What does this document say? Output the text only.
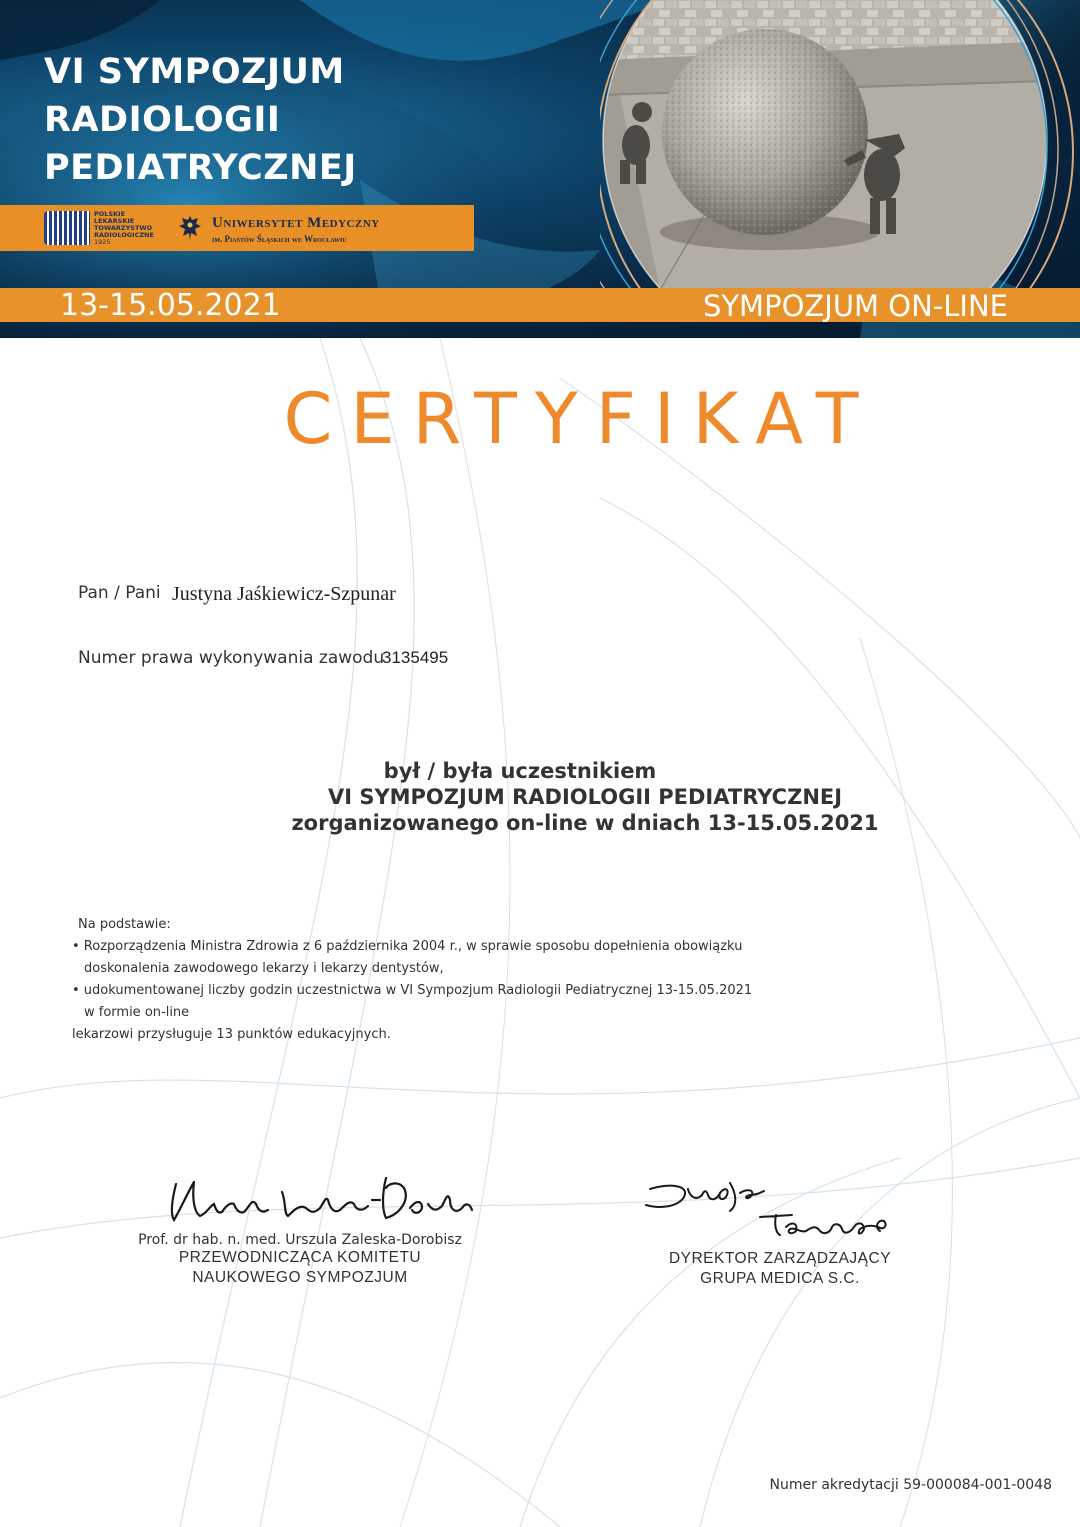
VI SYMPOZJUM
RADIOLOGII
PEDIATRYCZNEJ
POLSKIE
LEKARSKIE
TOWARZYSTWO
RADIOLOGICZNE
1925
Uniwersytet Medyczny
im. Piastów Śląskich we Wrocławiu
13-15.05.2021	SYMPOZJUM ON-LINE
CERTYFIKAT
Pan / Pani Justyna Jaśkiewicz-Szpunar
Numer prawa wykonywania zawodu
3135495
był / była uczestnikiem
VI SYMPOZJUM RADIOLOGII PEDIATRYCZNEJ
zorganizowanego on-line w dniach 13-15.05.2021
Na podstawie:
• Rozporządzenia Ministra Zdrowia z 6 października 2004 r., w sprawie sposobu dopełnienia obowiązku
doskonalenia zawodowego lekarzy i lekarzy dentystów,
• udokumentowanej liczby godzin uczestnictwa w VI Sympozjum Radiologii Pediatrycznej 13-15.05.2021
w formie on-line
lekarzowi przysługuje 13 punktów edukacyjnych.
Prof. dr hab. n. med. Urszula Zaleska-Dorobisz
PRZEWODNICZĄCA KOMITETU
NAUKOWEGO SYMPOZJUM
DYREKTOR ZARZĄDZAJĄCY
GRUPA MEDICA S.C.
Numer akredytacji 59-000084-001-0048
